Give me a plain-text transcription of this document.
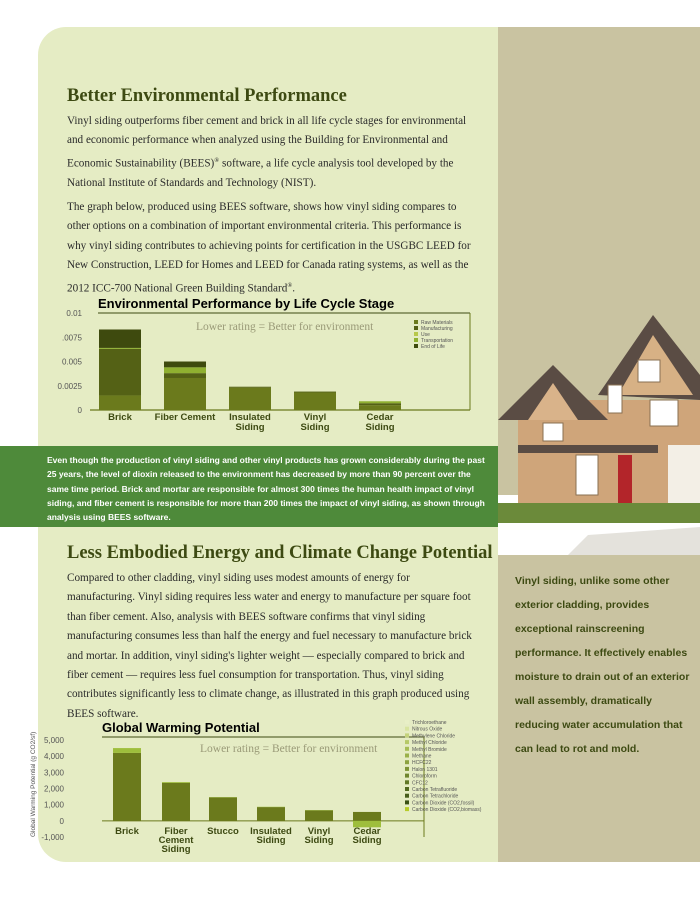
Better Environmental Performance

Vinyl siding outperforms fiber cement and brick in all life cycle stages for environmental and economic performance when analyzed using the Building for Environmental and Economic Sustainability (BEES)® software, a life cycle analysis tool developed by the National Institute of Standards and Technology (NIST).

The graph below, produced using BEES software, shows how vinyl siding compares to other options on a combination of important environmental criteria. This performance is why vinyl siding contributes to achieving points for certification in the USGBC LEED for New Construction, LEED for Homes and LEED for Canada rating systems, as well as the 2012 ICC-700 National Green Building Standard®.

Environmental Performance by Life Cycle Stage
Lower rating = Better for environment
0.01
.0075
0.005
0.0025
0
Brick Fiber Cement Insulated Siding
Vinyl Siding
Cedar Siding
Raw Materials
Manufacturing
Use
Transportation
End of Life

Even though the production of vinyl siding and other vinyl products has grown considerably during the past 25 years, the level of dioxin released to the environment has decreased by more than 90 percent over the same time period. Brick and mortar are responsible for almost 300 times the human health impact of vinyl siding, and fiber cement is responsible for more than 200 times the impact of vinyl siding, as shown through analysis using BEES software.

Less Embodied Energy and Climate Change Potential

Compared to other cladding, vinyl siding uses modest amounts of energy for manufacturing. Vinyl siding requires less water and energy to manufacture per square foot than fiber cement. Also, analysis with BEES software confirms that vinyl siding manufacturing consumes less than half the energy and fuel necessary to manufacture brick and mortar. In addition, vinyl siding's lighter weight — especially compared to brick and fiber cement — requires less fuel consumption for transportation. Thus, vinyl siding contributes significantly less to climate change, as illustrated in this graph produced using BEES software.

Global Warming Potential
Lower rating = Better for environment
Global Warming Potential (g CO2/sf) 5,000
4,000
3,000
2,000
1,000
0
-1,000
Brick	Fiber Cement Siding
Stucco Insulated Siding
Vinyl Siding
Cedar Siding
Trichloroethane
Nitrous Oxide
Methylene Chloride
Methyl Chloride
Methyl Bromide
Methane
HCFC22
Halon 1301
Chloroform
CFC12
Carbon Tetrafluoride
Carbon Tetrachloride
Carbon Dioxide (CO2,fossil)
Carbon Dioxide (CO2,biomass)

Vinyl siding, unlike some other exterior cladding, provides exceptional rainscreening performance. It effectively enables moisture to drain out of an exterior wall assembly, dramatically reducing water accumulation that can lead to rot and mold.
